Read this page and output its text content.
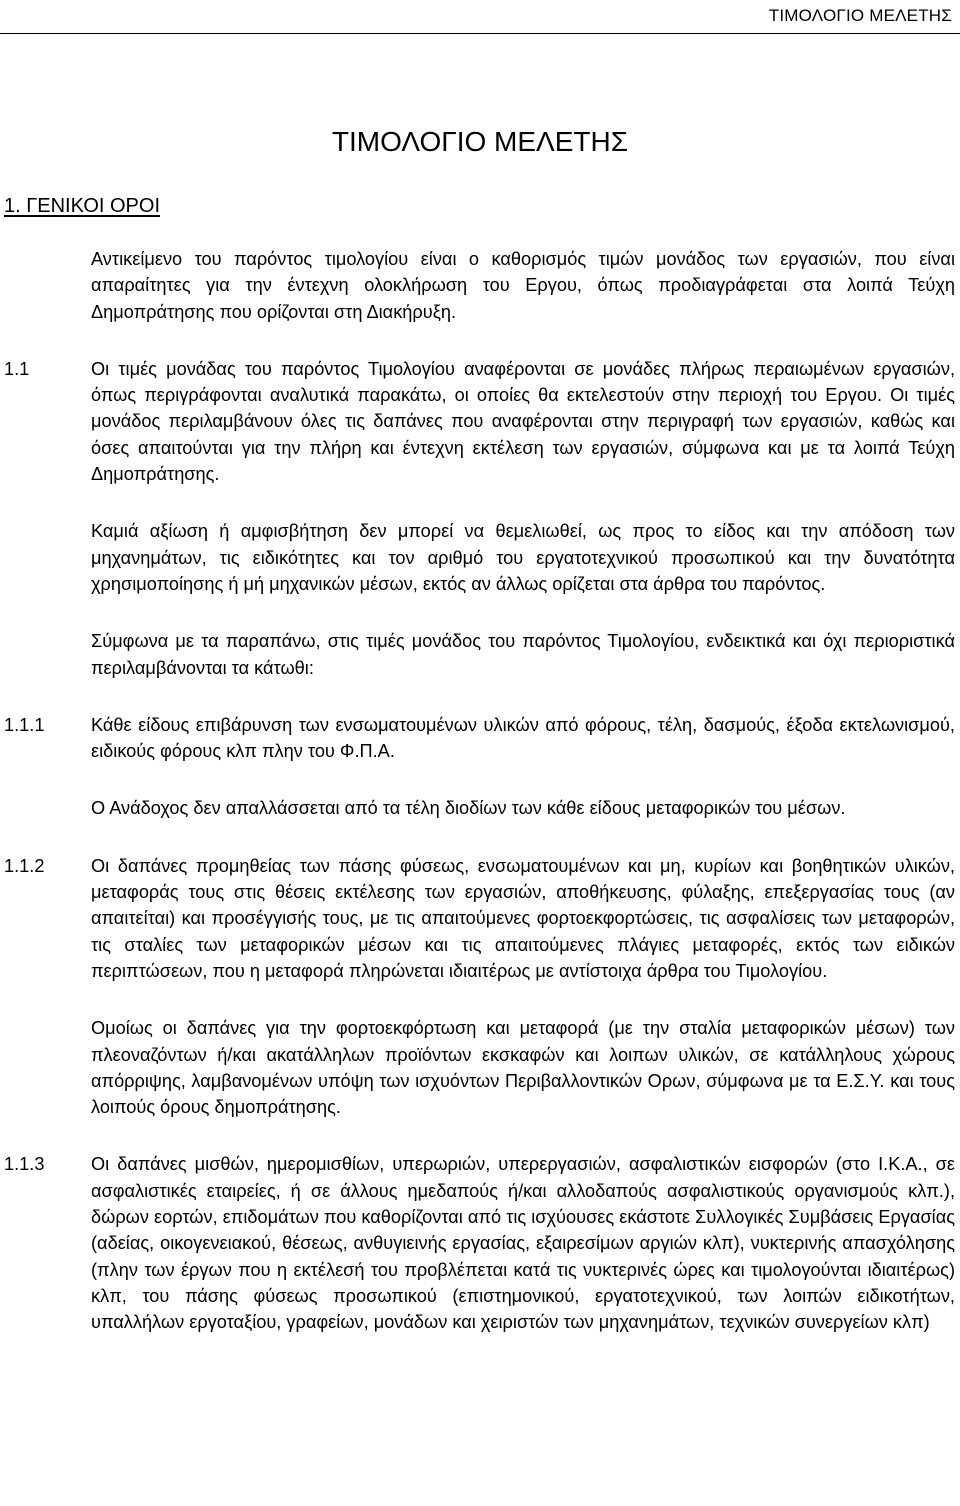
ΤΙΜΟΛΟΓΙΟ ΜΕΛΕΤΗΣ
ΤΙΜΟΛΟΓΙΟ ΜΕΛΕΤΗΣ
1. ΓΕΝΙΚΟΙ ΟΡΟΙ

Αντικείμενο του παρόντος τιμολογίου είναι ο καθορισμός τιμών μονάδος των εργασιών, που είναι απαραίτητες για την έντεχνη ολοκλήρωση του Εργου, όπως προδιαγράφεται στα λοιπά Τεύχη Δημοπράτησης που ορίζονται στη Διακήρυξη.

1.1	Οι τιμές μονάδας του παρόντος Τιμολογίου αναφέρονται σε μονάδες πλήρως περαιωμένων εργασιών, όπως περιγράφονται αναλυτικά παρακάτω, οι οποίες θα εκτελεστούν στην περιοχή του Εργου. Οι τιμές μονάδος περιλαμβάνουν όλες τις δαπάνες που αναφέρονται στην περιγραφή των εργασιών, καθώς και όσες απαιτούνται για την πλήρη και έντεχνη εκτέλεση των εργασιών, σύμφωνα και με τα λοιπά Τεύχη Δημοπράτησης.

Καμιά αξίωση ή αμφισβήτηση δεν μπορεί να θεμελιωθεί, ως προς το είδος και την απόδοση των μηχανημάτων, τις ειδικότητες και τον αριθμό του εργατοτεχνικού προσωπικού και την δυνατότητα χρησιμοποίησης ή μή μηχανικών μέσων, εκτός αν άλλως ορίζεται στα άρθρα του παρόντος.

Σύμφωνα με τα παραπάνω, στις τιμές μονάδος του παρόντος Τιμολογίου, ενδεικτικά και όχι περιοριστικά περιλαμβάνονται τα κάτωθι:

1.1.1	Κάθε είδους επιβάρυνση των ενσωματουμένων υλικών από φόρους, τέλη, δασμούς, έξοδα εκτελωνισμού, ειδικούς φόρους κλπ πλην του Φ.Π.Α.

Ο Ανάδοχος δεν απαλλάσσεται από τα τέλη διοδίων των κάθε είδους μεταφορικών του μέσων.

1.1.2	Οι δαπάνες προμηθείας των πάσης φύσεως, ενσωματουμένων και μη, κυρίων και βοηθητικών υλικών, μεταφοράς τους στις θέσεις εκτέλεσης των εργασιών, αποθήκευσης, φύλαξης, επεξεργασίας τους (αν απαιτείται) και προσέγγισής τους, με τις απαιτούμενες φορτοεκφορτώσεις, τις ασφαλίσεις των μεταφορών, τις σταλίες των μεταφορικών μέσων και τις απαιτούμενες πλάγιες μεταφορές, εκτός των ειδικών περιπτώσεων, που η μεταφορά πληρώνεται ιδιαιτέρως με αντίστοιχα άρθρα του Τιμολογίου.

Ομοίως οι δαπάνες για την φορτοεκφόρτωση και μεταφορά (με την σταλία μεταφορικών μέσων) των πλεοναζόντων ή/και ακατάλληλων προϊόντων εκσκαφών και λοιπων υλικών, σε κατάλληλους χώρους απόρριψης, λαμβανομένων υπόψη των ισχυόντων Περιβαλλοντικών Ορων, σύμφωνα με τα Ε.Σ.Υ. και τους λοιπούς όρους δημοπράτησης.

1.1.3	Οι δαπάνες μισθών, ημερομισθίων, υπερωριών, υπερεργασιών, ασφαλιστικών εισφορών (στο Ι.Κ.Α., σε ασφαλιστικές εταιρείες, ή σε άλλους ημεδαπούς ή/και αλλοδαπούς ασφαλιστικούς οργανισμούς κλπ.), δώρων εορτών, επιδομάτων που καθορίζονται από τις ισχύουσες εκάστοτε Συλλογικές Συμβάσεις Εργασίας (αδείας, οικογενειακού, θέσεως, ανθυγιεινής εργασίας, εξαιρεσίμων αργιών κλπ), νυκτερινής απασχόλησης (πλην των έργων που η εκτέλεσή του προβλέπεται κατά τις νυκτερινές ώρες και τιμολογούνται ιδιαιτέρως) κλπ, του πάσης φύσεως προσωπικού (επιστημονικού, εργατοτεχνικού, των λοιπών ειδικοτήτων, υπαλλήλων εργοταξίου, γραφείων, μονάδων και χειριστών των μηχανημάτων, τεχνικών συνεργείων κλπ)
